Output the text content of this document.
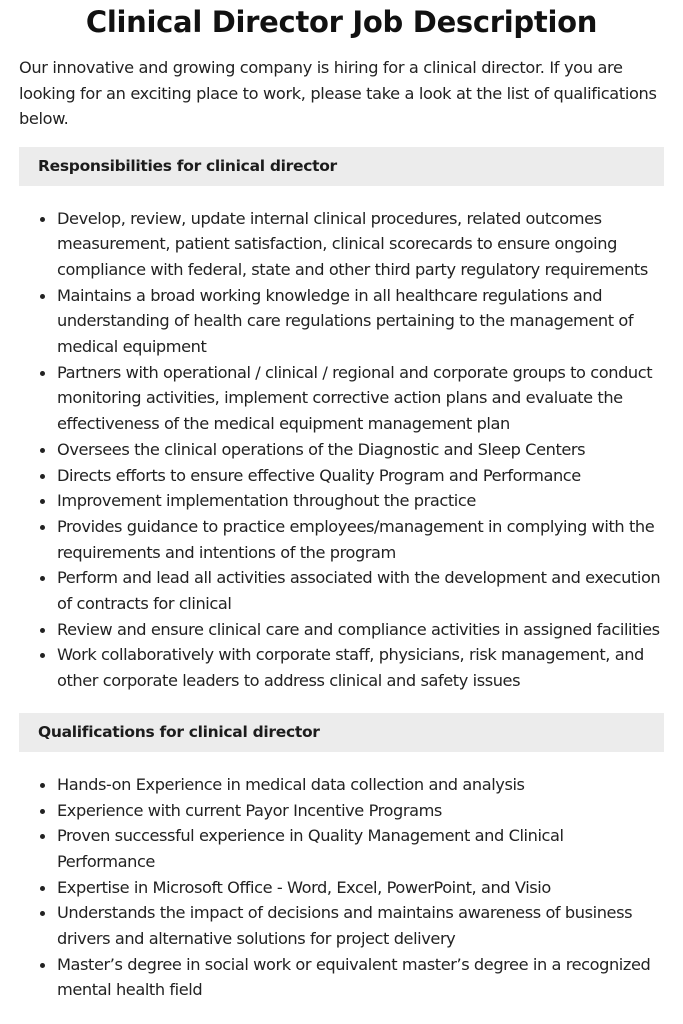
Clinical Director Job Description

Our innovative and growing company is hiring for a clinical director. If you are looking for an exciting place to work, please take a look at the list of qualifications below.

Responsibilities for clinical director
Develop, review, update internal clinical procedures, related outcomes measurement, patient satisfaction, clinical scorecards to ensure ongoing compliance with federal, state and other third party regulatory requirements
Maintains a broad working knowledge in all healthcare regulations and understanding of health care regulations pertaining to the management of medical equipment
Partners with operational / clinical / regional and corporate groups to conduct monitoring activities, implement corrective action plans and evaluate the effectiveness of the medical equipment management plan
Oversees the clinical operations of the Diagnostic and Sleep Centers
Directs efforts to ensure effective Quality Program and Performance
Improvement implementation throughout the practice
Provides guidance to practice employees/management in complying with the requirements and intentions of the program
Perform and lead all activities associated with the development and execution of contracts for clinical
Review and ensure clinical care and compliance activities in assigned facilities
Work collaboratively with corporate staff, physicians, risk management, and other corporate leaders to address clinical and safety issues
Qualifications for clinical director
Hands-on Experience in medical data collection and analysis
Experience with current Payor Incentive Programs
Proven successful experience in Quality Management and Clinical Performance
Expertise in Microsoft Office - Word, Excel, PowerPoint, and Visio
Understands the impact of decisions and maintains awareness of business drivers and alternative solutions for project delivery
Master’s degree in social work or equivalent master’s degree in a recognized mental health field
